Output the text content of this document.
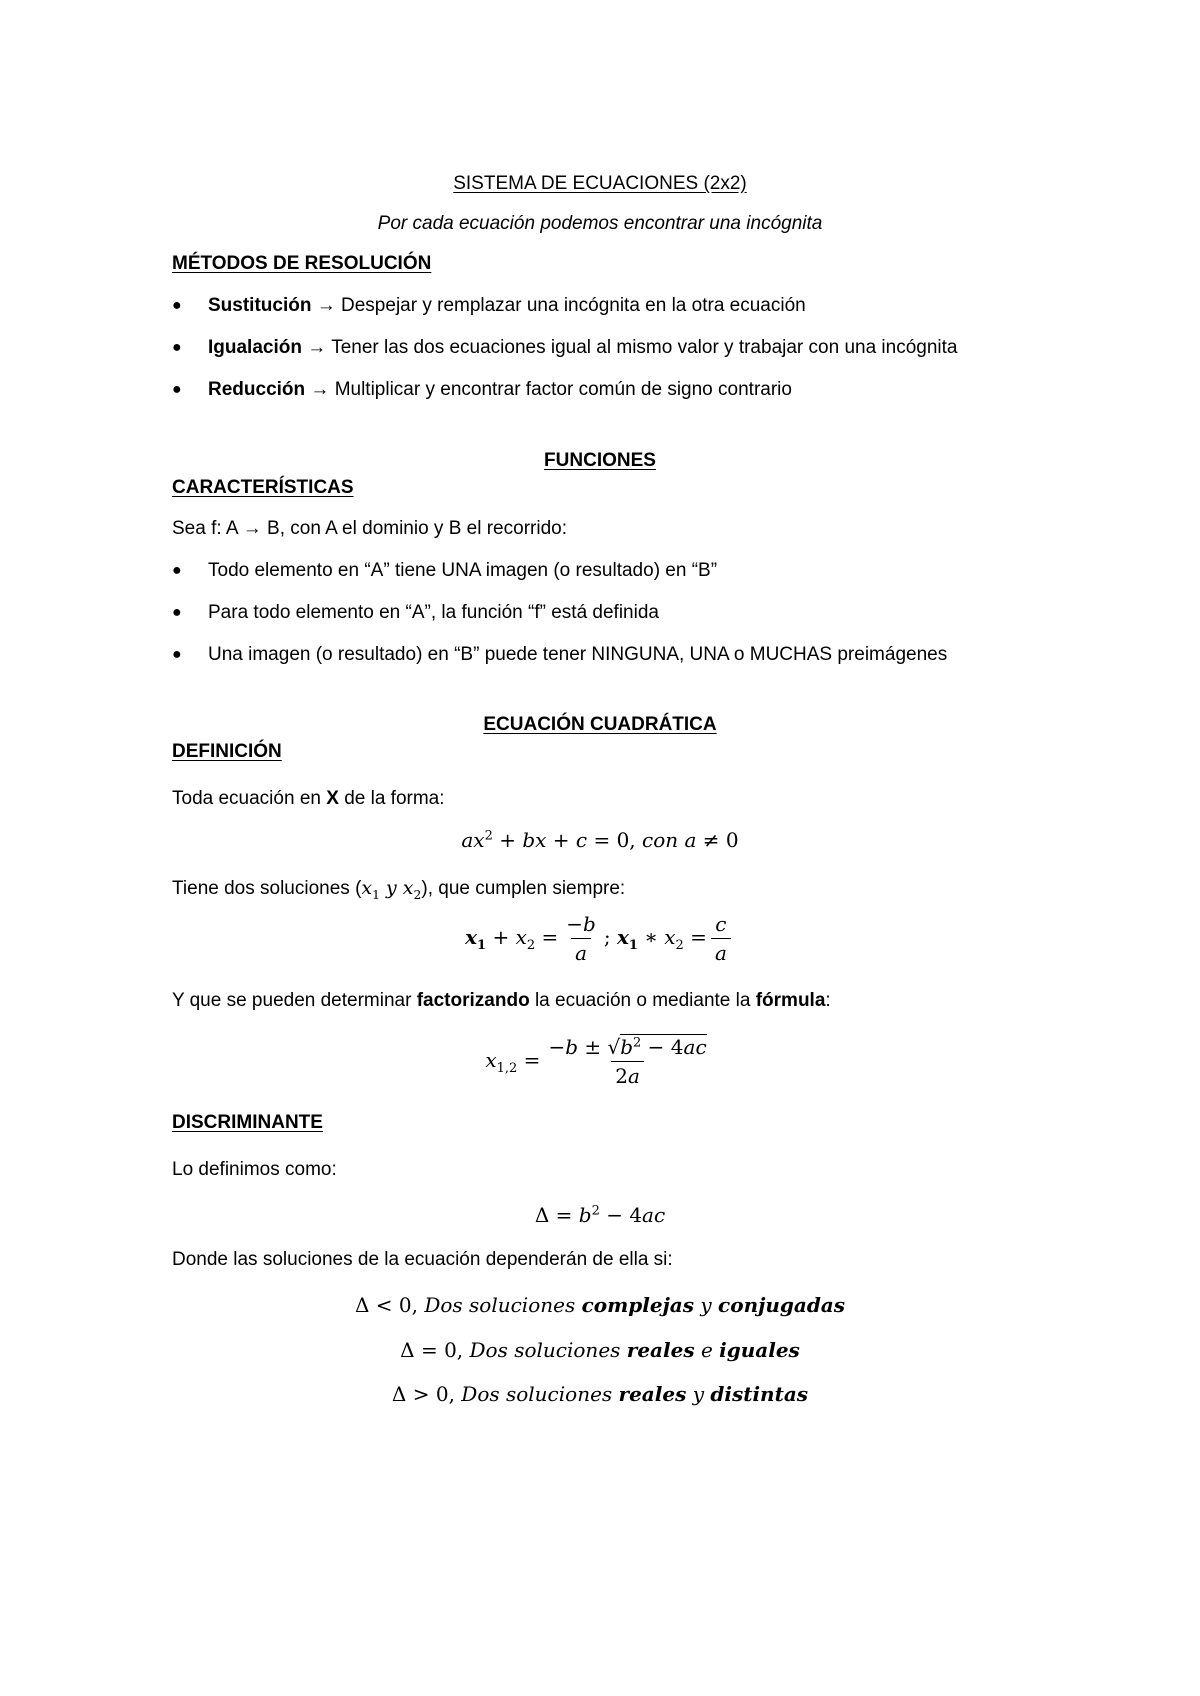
SISTEMA DE ECUACIONES (2x2)
Por cada ecuación podemos encontrar una incógnita
MÉTODOS DE RESOLUCIÓN
● Sustitución → Despejar y remplazar una incógnita en la otra ecuación
● Igualación → Tener las dos ecuaciones igual al mismo valor y trabajar con una incógnita
● Reducción → Multiplicar y encontrar factor común de signo contrario
FUNCIONES
CARACTERÍSTICAS
Sea f: A → B, con A el dominio y B el recorrido:
● Todo elemento en “A” tiene UNA imagen (o resultado) en “B”
● Para todo elemento en “A”, la función “f” está definida
● Una imagen (o resultado) en “B” puede tener NINGUNA, UNA o MUCHAS preimágenes
ECUACIÓN CUADRÁTICA
DEFINICIÓN
Toda ecuación en X de la forma:
$ax^2$ + bx + c = 0, con a ≠ 0
Tiene dos soluciones ($x_1$ y $x_2$), que cumplen siempre:
$x_1 + x_2 = \frac{-b}{a}$ ; $x_1$ ∗ $x_2 = \frac{c}{a}$
Y que se pueden determinar factorizando la ecuación o mediante la fórmula:
$x_{1,2} = \frac{-b \pm √b^2 - 4ac}{2a}$
DISCRIMINANTE
Lo definimos como:
$\Delta = b^2 - 4ac$
Donde las soluciones de la ecuación dependerán de ella si:
Δ < 0, Dos soluciones complejas y conjugadas
Δ = 0, Dos soluciones reales e iguales
Δ > 0, Dos soluciones reales y distintas
